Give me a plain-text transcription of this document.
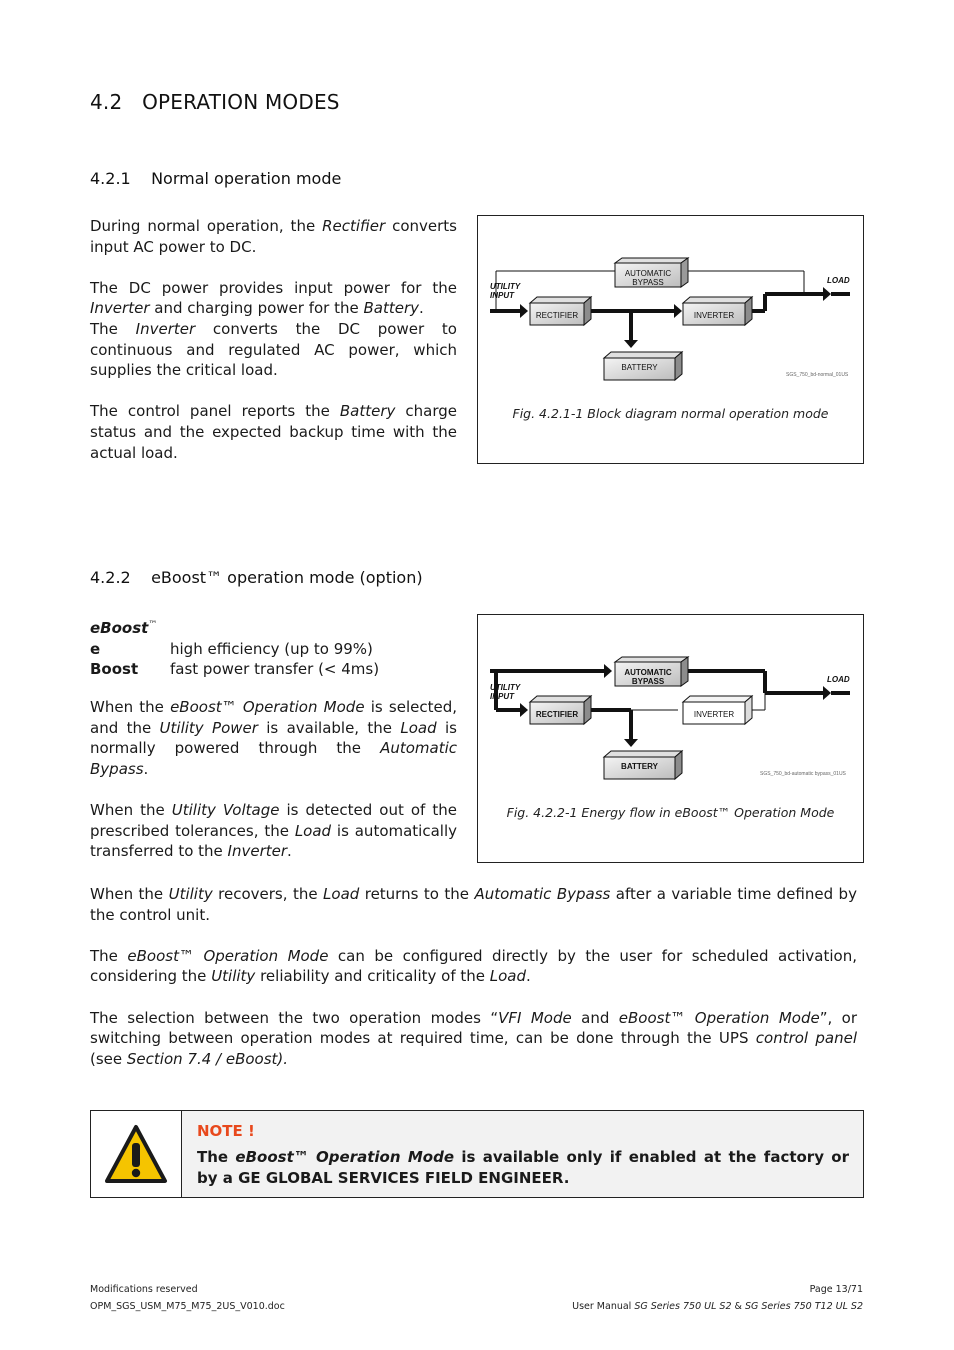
4.2 OPERATION MODES
4.2.1 Normal operation mode

During normal operation, the Rectifier converts input AC power to DC.

The DC power provides input power for the Inverter and charging power for the Battery.

The Inverter converts the DC power to continuous and regulated AC power, which supplies the critical load.

The control panel reports the Battery charge status and the expected backup time with the actual load.

AUTOMATIC
BYPASS
RECTIFIER	INVERTER
BATTERY
UTILITY INPUT
LOAD
SGS_750_bd-normal_01US
Fig. 4.2.1-1 Block diagram normal operation mode
4.2.2 eBoost™ operation mode (option)

eBoost™

e	high efficiency (up to 99%)

Boost fast power transfer (< 4ms)

When the eBoost™ Operation Mode is selected, and the Utility Power is available, the Load is normally powered through the Automatic Bypass.

When the Utility Voltage is detected out of the prescribed tolerances, the Load is automatically transferred to the Inverter.

AUTOMATIC
BYPASS
RECTIFIER	INVERTER
BATTERY
UTILITY INPUT
LOAD
SGS_750_bd-automatic bypass_01US
Fig. 4.2.2-1 Energy flow in eBoost™ Operation Mode

When the Utility recovers, the Load returns to the Automatic Bypass after a variable time defined by the control unit.

The eBoost™ Operation Mode can be configured directly by the user for scheduled activation, considering the Utility reliability and criticality of the Load.

The selection between the two operation modes “VFI Mode and eBoost™ Operation Mode”, or switching between operation modes at required time, can be done through the UPS control panel (see Section 7.4 / eBoost).

NOTE !
The eBoost™ Operation Mode is available only if enabled at the factory or by a GE GLOBAL SERVICES FIELD ENGINEER.
Modifications reserved
OPM_SGS_USM_M75_M75_2US_V010.doc
Page 13/71
User Manual SG Series 750 UL S2 & SG Series 750 T12 UL S2
